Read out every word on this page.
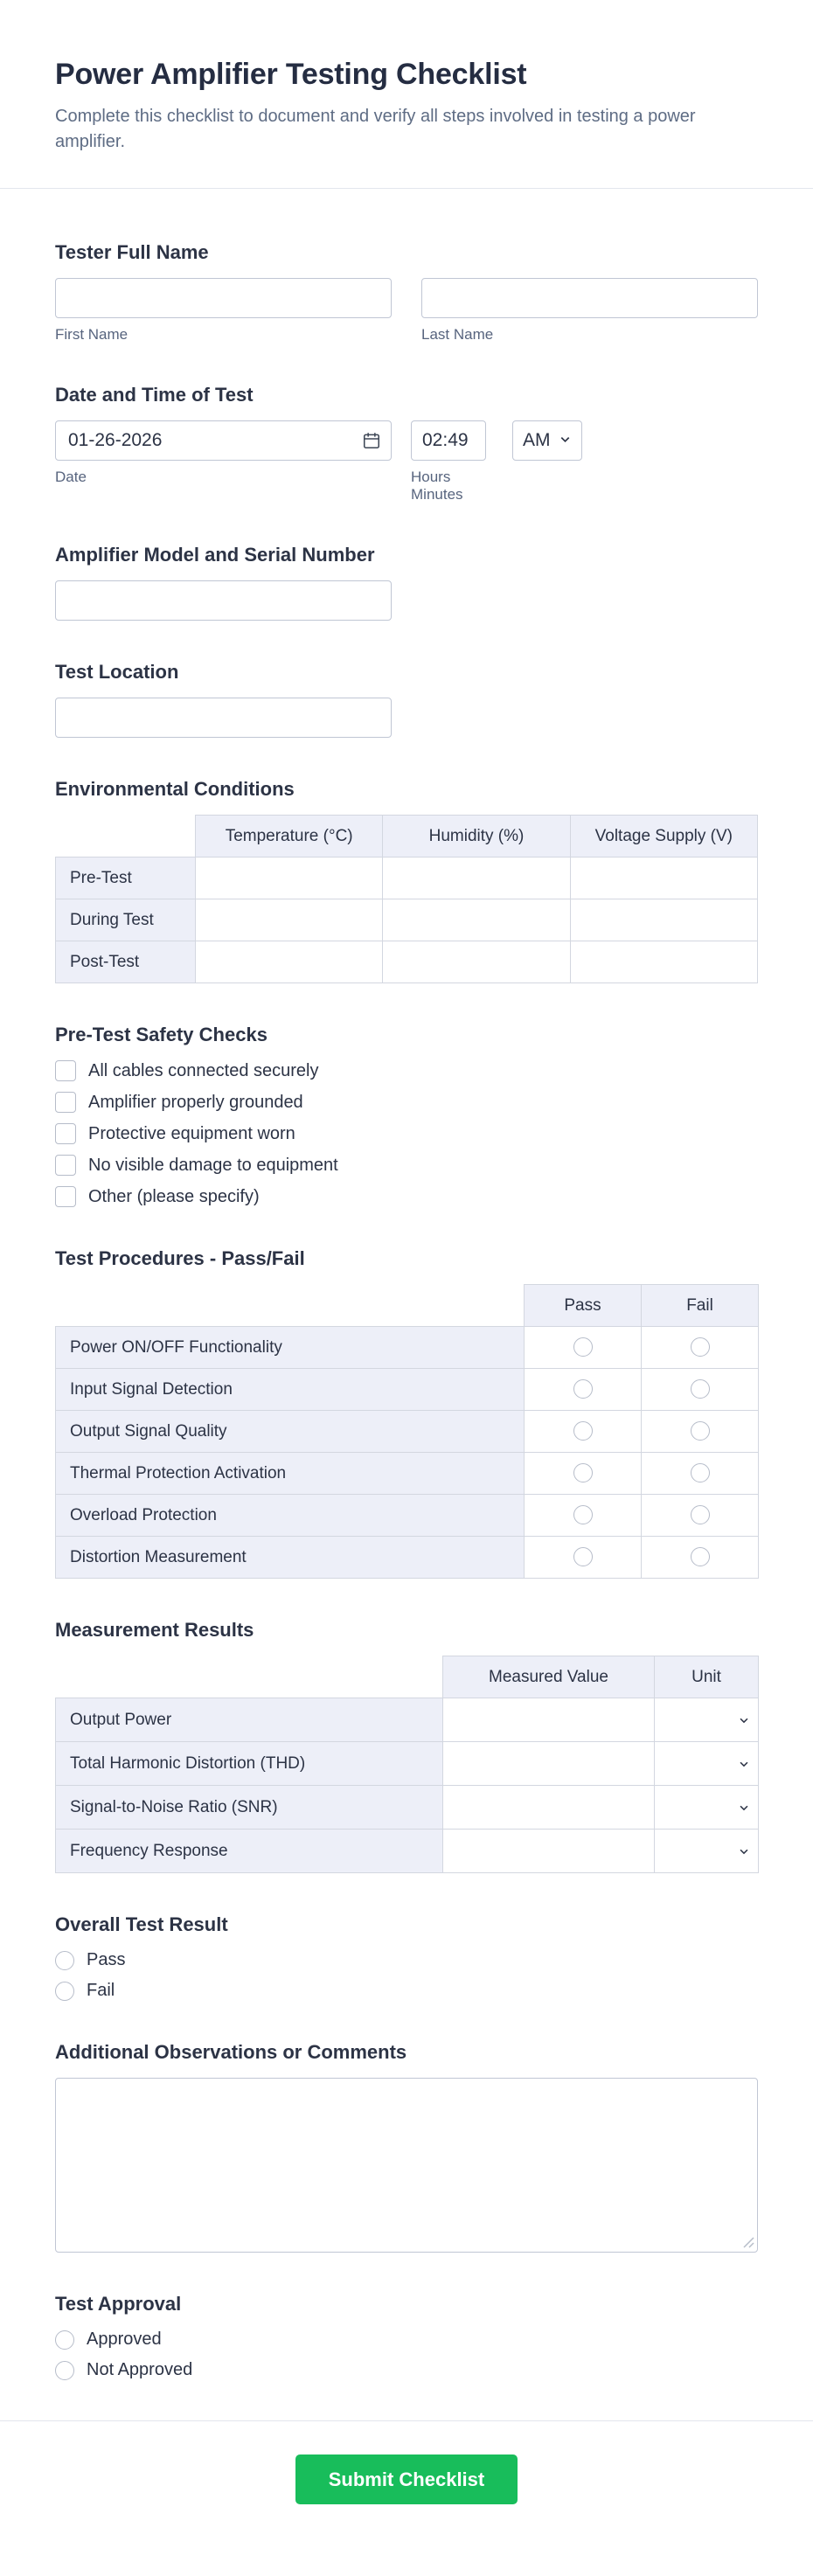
Power Amplifier Testing Checklist

Complete this checklist to document and verify all steps involved in testing a power amplifier.

Tester Full Name
First Name	Last Name
Date and Time of Test
01-26-2026
Date
02:49	Hours Minutes
AM
Amplifier Model and Serial Number
Test Location
Environmental Conditions
	Temperature (°C)	Humidity (%)	Voltage Supply (V)
Pre-Test			
During Test			
Post-Test			
Pre-Test Safety Checks
All cables connected securely
Amplifier properly grounded
Protective equipment worn
No visible damage to equipment
Other (please specify)
Test Procedures - Pass/Fail
	Pass	Fail
Power ON/OFF Functionality		
Input Signal Detection		
Output Signal Quality		
Thermal Protection Activation		
Overload Protection		
Distortion Measurement		
Measurement Results
	Measured Value	Unit
Output Power		

Total Harmonic Distortion (THD)		

Signal-to-Noise Ratio (SNR)		

Frequency Response		
Overall Test Result
Pass
Fail
Additional Observations or Comments
Test Approval
Approved
Not Approved
Submit Checklist
